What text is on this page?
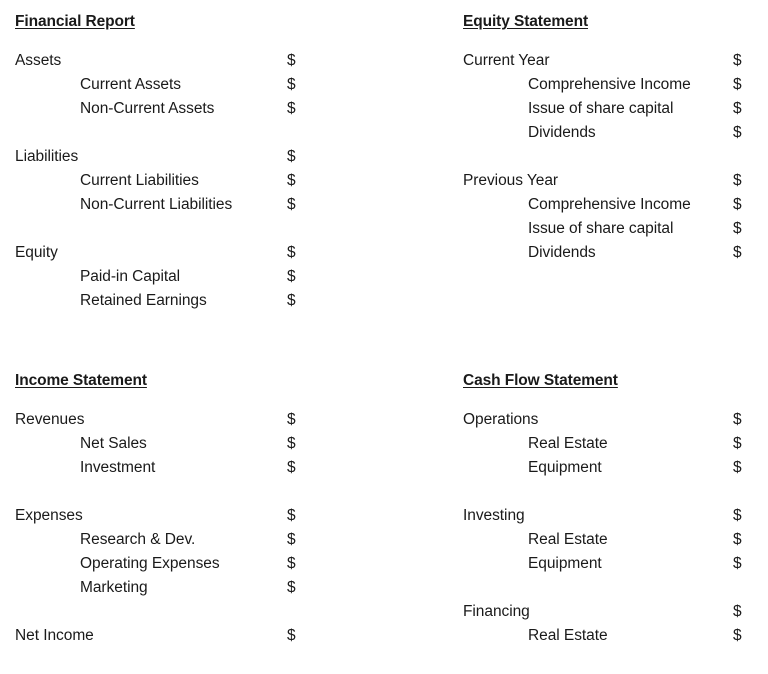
Financial Report
Assets	$
Current Assets	$
Non-Current Assets	$
Liabilities	$
Current Liabilities	$
Non-Current Liabilities	$
Equity	$
Paid-in Capital	$
Retained Earnings	$
Income Statement
Revenues	$
Net Sales	$
Investment	$
Expenses	$
Research & Dev.	$
Operating Expenses	$
Marketing	$
Net Income	$
Equity Statement
Current Year	$
Comprehensive Income	$
Issue of share capital	$
Dividends	$
Previous Year	$
Comprehensive Income	$
Issue of share capital	$
Dividends	$
Cash Flow Statement
Operations	$
Real Estate	$
Equipment	$
Investing	$
Real Estate	$
Equipment	$
Financing	$
Real Estate	$
